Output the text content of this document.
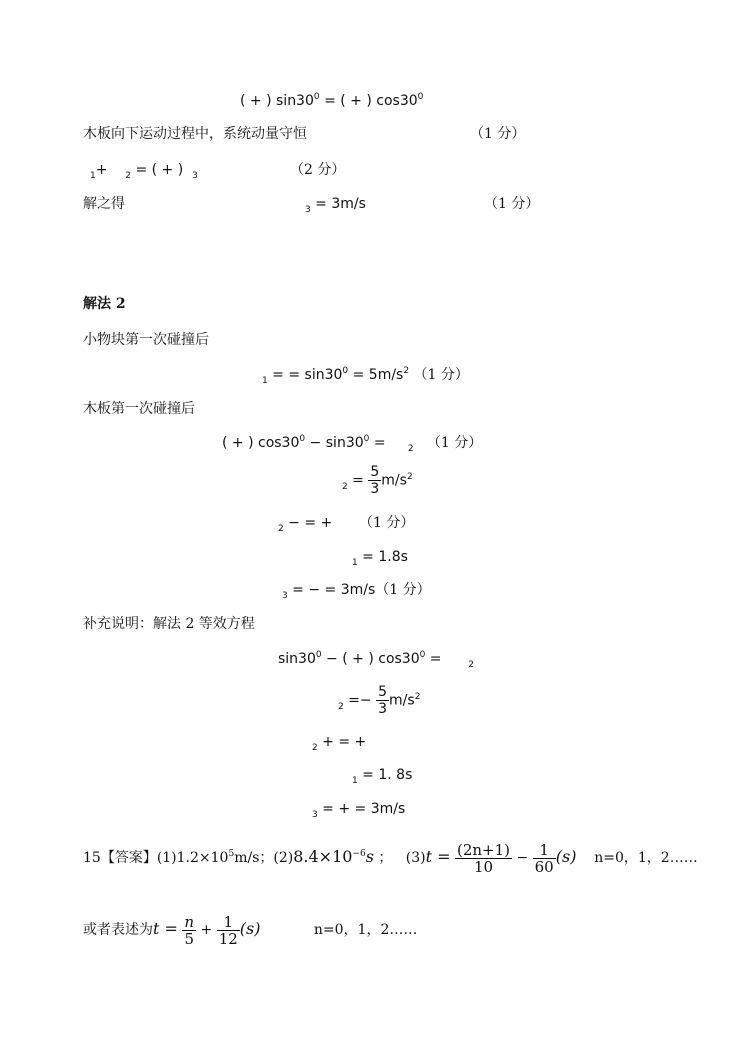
( + ) $\sin 30^0$ = ( + ) $\cos 30^0$
木板向下运动过程中，系统动量守恒	（1 分）
$_1$+ $_2$ = ( + ) $_3$	（2 分）
解之得	$_3$ = 3m/s	（1 分）
解法 2
小物块第一次碰撞后
$_1$ = = $\sin 30^0 = 5m/s^2$ （1 分）
木板第一次碰撞后
( + ) $\cos 30^0 - \sin 30^0$ =     $_2$ （1 分）
$_2 = \frac{5}{3} m/s^2$
$_2$ − = +      （1 分）
$_1$ = 1.8s
$_3$ = − = 3m/s（1 分）
补充说明：解法 2 等效方程
$\sin 30^0$ − ( + ) $\cos 30^0$ =      $_2$
$_2 =- \frac{5}{3} m/s^2$
$_2$ + = +
$_1$ = 1. 8s
$_3$ = + = 3m/s
15【答案】$(1)1.2\times 10^5m/s$；$(2)8.4\times 10^{-6}s$ ； $(3)t = \frac{(2n+1)}{10} - \frac{1}{60} (s)$ n=0，1，2……
或者表述为$t = \frac{n}{5} + \frac{1}{12} (s)$	n=0，1，2……
